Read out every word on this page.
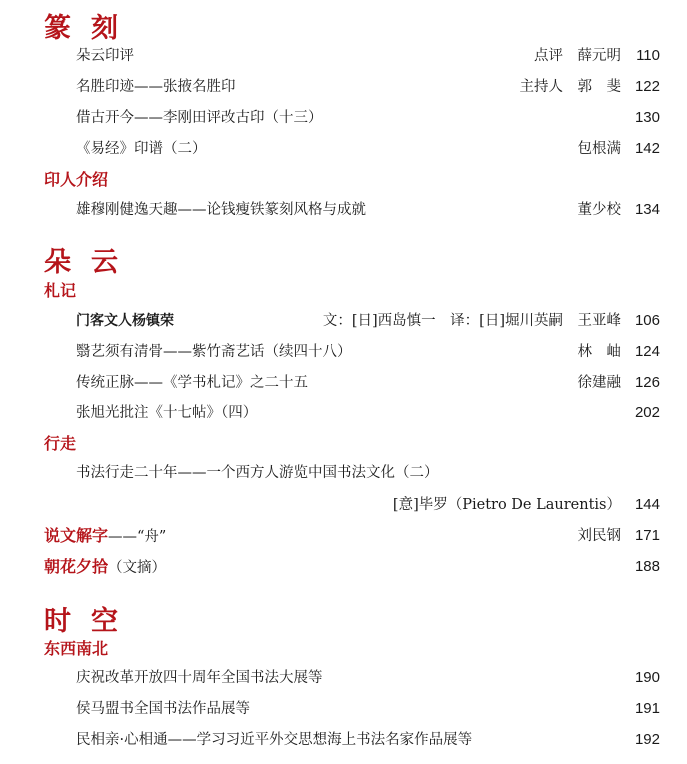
篆刻
朵云印评	点评　薛元明 110
名胜印迹——张掖名胜印	主持人　郭　斐 122
借古开今——李刚田评改古印（十三）	130
《易经》印谱（二）	包根满 142
印人介绍
雄穆刚健逸天趣——论钱瘦铁篆刻风格与成就	董少校 134
朵云
札记
门客文人杨镇荣	文：[日]西岛慎一　译：[日]堀川英嗣　王亚峰 106
翳艺须有清骨——紫竹斋艺话（续四十八）	林　岫 124
传统正脉——《学书札记》之二十五	徐建融 126
张旭光批注《十七帖》（四）	202
行走
书法行走二十年——一个西方人游览中国书法文化（二）
[意]毕罗（Pietro De Laurentis） 144
说文解字——“舟”	刘民钢 171
朝花夕拾（文摘）	188
时空
东西南北
庆祝改革开放四十周年全国书法大展等	190
侯马盟书全国书法作品展等	191
民相亲·心相通——学习习近平外交思想海上书法名家作品展等	192
